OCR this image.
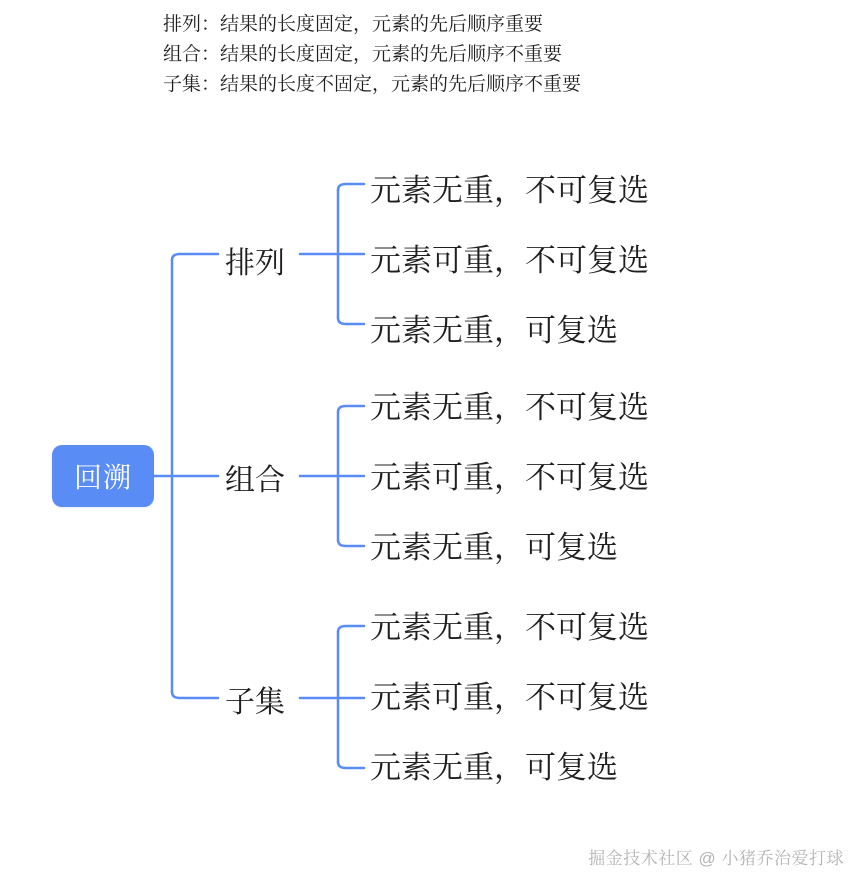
排列：结果的长度固定，元素的先后顺序重要
组合：结果的长度固定，元素的先后顺序不重要
子集：结果的长度不固定，元素的先后顺序不重要
回溯
排列
组合
子集
元素无重，不可复选
元素可重，不可复选
元素无重，可复选
元素无重，不可复选
元素可重，不可复选
元素无重，可复选
元素无重，不可复选
元素可重，不可复选
元素无重，可复选
掘金技术社区 @ 小猪乔治爱打球
